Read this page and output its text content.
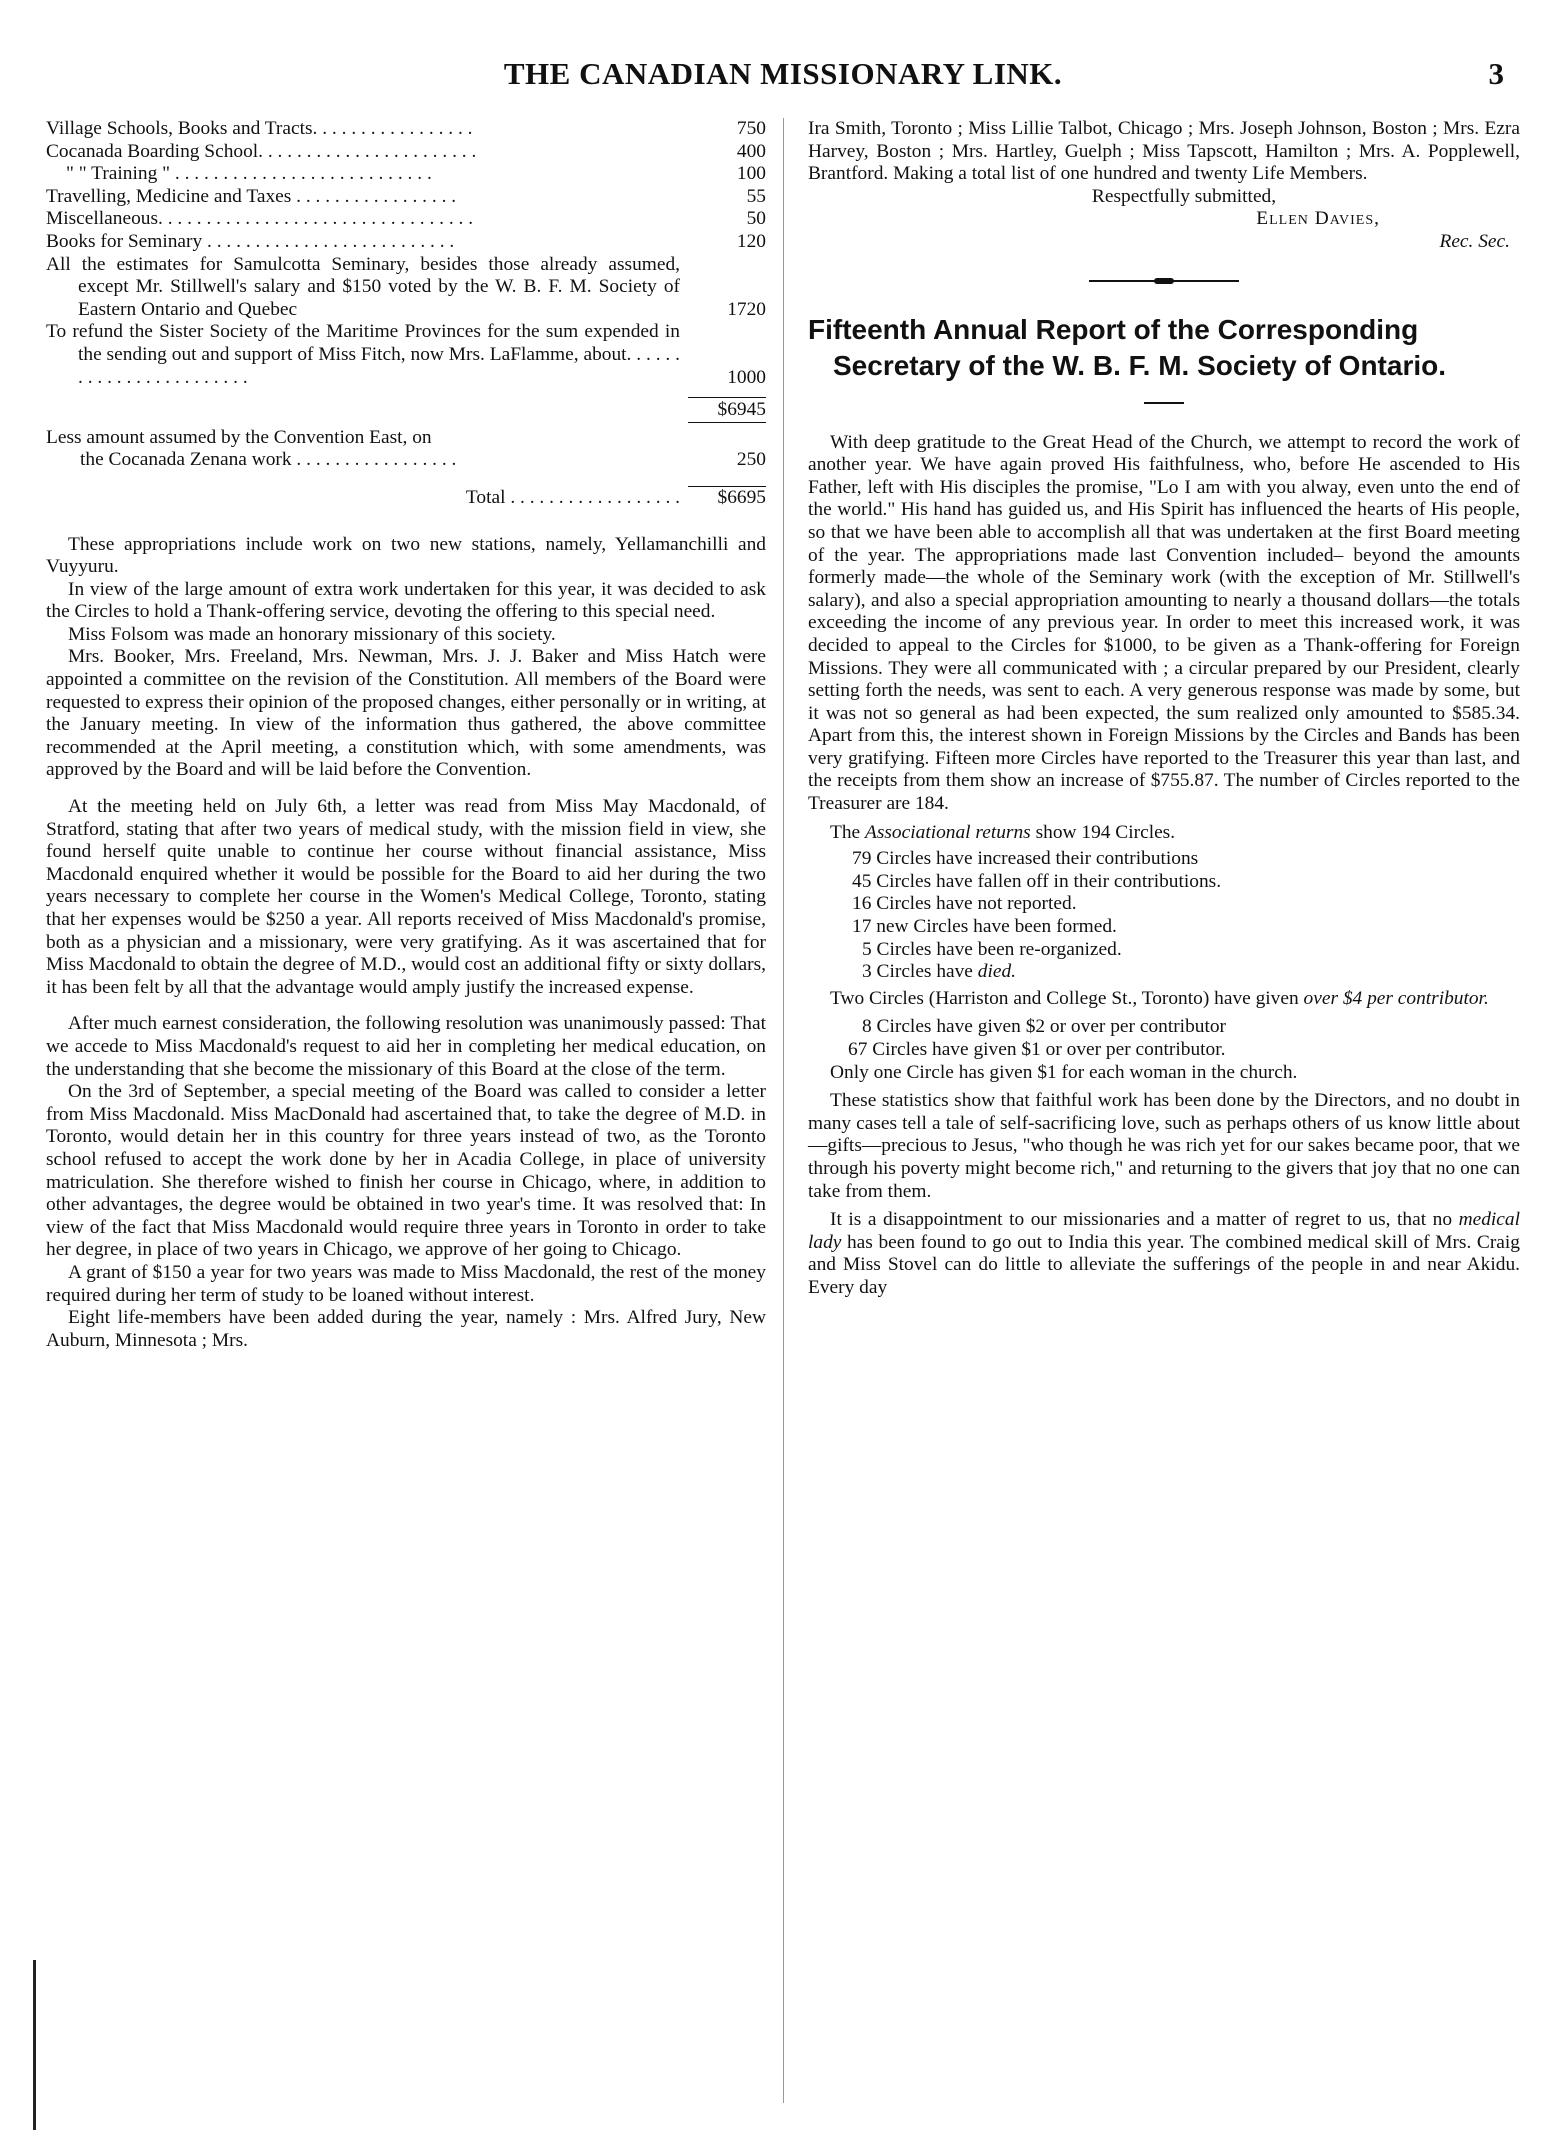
THE CANADIAN MISSIONARY LINK.	3
Village Schools, Books and Tracts. . . . . . . . . . . . . . . . .	750
Cocanada Boarding School. . . . . . . . . . . . . . . . . . . . . . .	400
" " Training " . . . . . . . . . . . . . . . . . . . . . . . . . . .	100
Travelling, Medicine and Taxes . . . . . . . . . . . . . . . . .	55
Miscellaneous. . . . . . . . . . . . . . . . . . . . . . . . . . . . . . . . .	50
Books for Seminary . . . . . . . . . . . . . . . . . . . . . . . . . .	120
All the estimates for Samulcotta Seminary, besides those already assumed, except Mr. Stillwell's salary and $150 voted by the W. B. F. M. Society of Eastern Ontario and Quebec	1720
To refund the Sister Society of the Maritime Provinces for the sum expended in the sending out and support of Miss Fitch, now Mrs. LaFlamme, about. . . . . . . . . . . . . . . . . . . . . . . .	1000
$6945
Less amount assumed by the Convention East, on
the Cocanada Zenana work . . . . . . . . . . . . . . . . .	250
Total . . . . . . . . . . . . . . . . . .	$6695

These appropriations include work on two new stations, namely, Yellamanchilli and Vuyyuru.

In view of the large amount of extra work undertaken for this year, it was decided to ask the Circles to hold a Thank-offering service, devoting the offering to this special need.

Miss Folsom was made an honorary missionary of this society.

Mrs. Booker, Mrs. Freeland, Mrs. Newman, Mrs. J. J. Baker and Miss Hatch were appointed a committee on the revision of the Constitution. All members of the Board were requested to express their opinion of the proposed changes, either personally or in writing, at the January meeting. In view of the information thus gathered, the above committee recommended at the April meeting, a constitution which, with some amendments, was approved by the Board and will be laid before the Convention.

At the meeting held on July 6th, a letter was read from Miss May Macdonald, of Stratford, stating that after two years of medical study, with the mission field in view, she found herself quite unable to continue her course without financial assistance, Miss Macdonald enquired whether it would be possible for the Board to aid her during the two years necessary to complete her course in the Women's Medical College, Toronto, stating that her expenses would be $250 a year. All reports received of Miss Macdonald's promise, both as a physician and a missionary, were very gratifying. As it was ascertained that for Miss Macdonald to obtain the degree of M.D., would cost an additional fifty or sixty dollars, it has been felt by all that the advantage would amply justify the increased expense.

After much earnest consideration, the following resolution was unanimously passed: That we accede to Miss Macdonald's request to aid her in completing her medical education, on the understanding that she become the missionary of this Board at the close of the term.

On the 3rd of September, a special meeting of the Board was called to consider a letter from Miss Macdonald. Miss MacDonald had ascertained that, to take the degree of M.D. in Toronto, would detain her in this country for three years instead of two, as the Toronto school refused to accept the work done by her in Acadia College, in place of university matriculation. She therefore wished to finish her course in Chicago, where, in addition to other advantages, the degree would be obtained in two year's time. It was resolved that: In view of the fact that Miss Macdonald would require three years in Toronto in order to take her degree, in place of two years in Chicago, we approve of her going to Chicago.

A grant of $150 a year for two years was made to Miss Macdonald, the rest of the money required during her term of study to be loaned without interest.

Eight life-members have been added during the year, namely : Mrs. Alfred Jury, New Auburn, Minnesota ; Mrs.

Ira Smith, Toronto ; Miss Lillie Talbot, Chicago ; Mrs. Joseph Johnson, Boston ; Mrs. Ezra Harvey, Boston ; Mrs. Hartley, Guelph ; Miss Tapscott, Hamilton ; Mrs. A. Popplewell, Brantford. Making a total list of one hundred and twenty Life Members.

Respectfully submitted,
Ellen Davies,
Rec. Sec.
Fifteenth Annual Report of the Corresponding Secretary of the W. B. F. M. Society of Ontario.

With deep gratitude to the Great Head of the Church, we attempt to record the work of another year. We have again proved His faithfulness, who, before He ascended to His Father, left with His disciples the promise, "Lo I am with you alway, even unto the end of the world." His hand has guided us, and His Spirit has influenced the hearts of His people, so that we have been able to accomplish all that was undertaken at the first Board meeting of the year. The appropriations made last Convention included– beyond the amounts formerly made—the whole of the Seminary work (with the exception of Mr. Stillwell's salary), and also a special appropriation amounting to nearly a thousand dollars—the totals exceeding the income of any previous year. In order to meet this increased work, it was decided to appeal to the Circles for $1000, to be given as a Thank-offering for Foreign Missions. They were all communicated with ; a circular prepared by our President, clearly setting forth the needs, was sent to each. A very generous response was made by some, but it was not so general as had been expected, the sum realized only amounted to $585.34. Apart from this, the interest shown in Foreign Missions by the Circles and Bands has been very gratifying. Fifteen more Circles have reported to the Treasurer this year than last, and the receipts from them show an increase of $755.87. The number of Circles reported to the Treasurer are 184.

The Associational returns show 194 Circles.

79 Circles have increased their contributions
45 Circles have fallen off in their contributions.
16 Circles have not reported.
17 new Circles have been formed.
5 Circles have been re-organized.
3 Circles have died.

Two Circles (Harriston and College St., Toronto) have given over $4 per contributor.

8 Circles have given $2 or over per contributor
67 Circles have given $1 or over per contributor.

Only one Circle has given $1 for each woman in the church.

These statistics show that faithful work has been done by the Directors, and no doubt in many cases tell a tale of self-sacrificing love, such as perhaps others of us know little about—gifts—precious to Jesus, "who though he was rich yet for our sakes became poor, that we through his poverty might become rich," and returning to the givers that joy that no one can take from them.

It is a disappointment to our missionaries and a matter of regret to us, that no medical lady has been found to go out to India this year. The combined medical skill of Mrs. Craig and Miss Stovel can do little to alleviate the sufferings of the people in and near Akidu. Every day
